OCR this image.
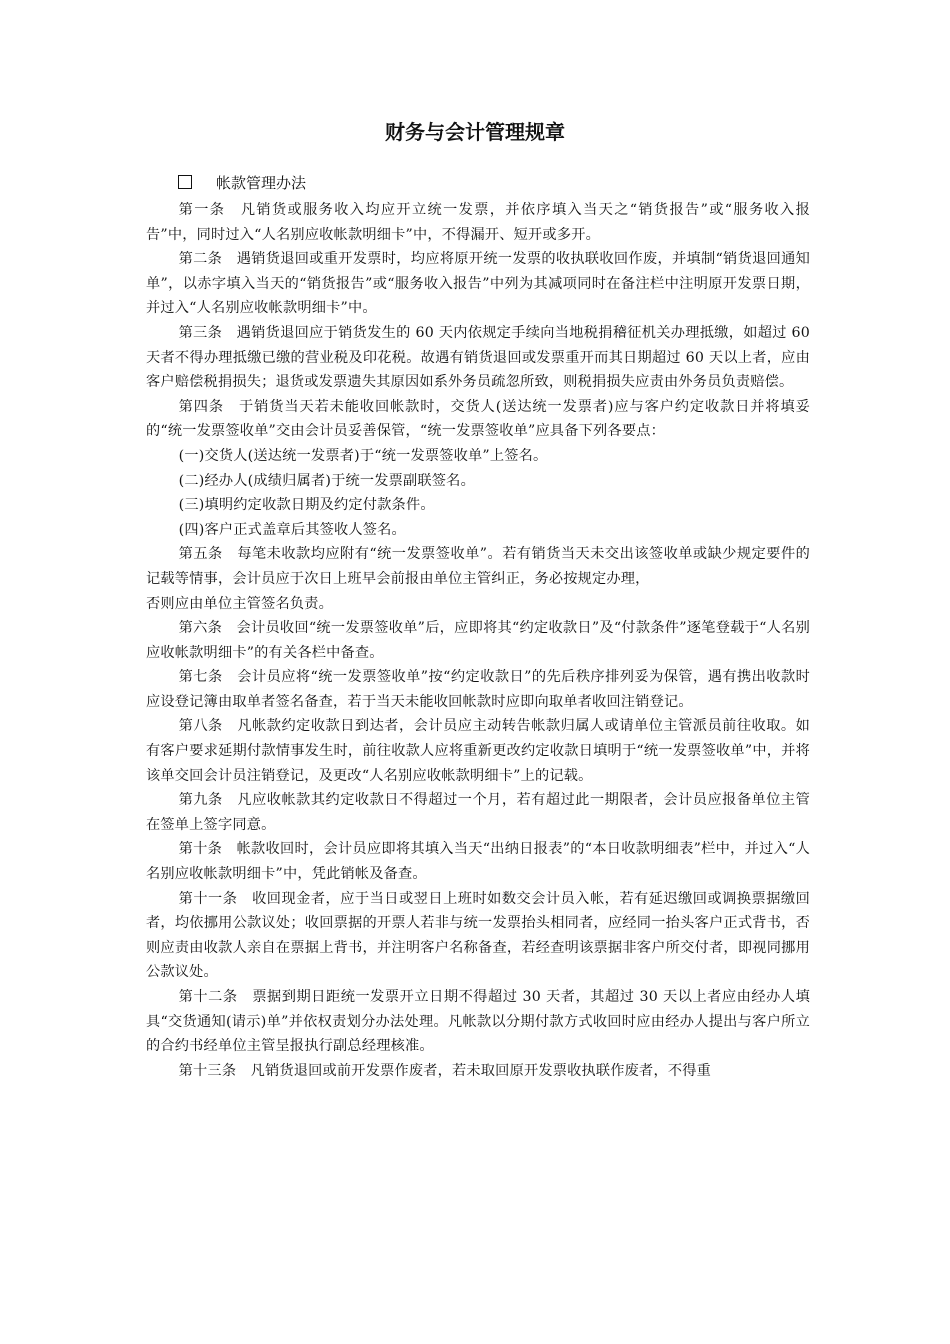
财务与会计管理规章
帐款管理办法

第一条　凡销货或服务收入均应开立统一发票，并依序填入当天之“销货报告”或“服务收入报告”中，同时过入“人名别应收帐款明细卡”中，不得漏开、短开或多开。

第二条　遇销货退回或重开发票时，均应将原开统一发票的收执联收回作废，并填制“销货退回通知单”，以赤字填入当天的“销货报告”或“服务收入报告”中列为其减项同时在备注栏中注明原开发票日期，并过入“人名别应收帐款明细卡”中。

第三条　遇销货退回应于销货发生的 60 天内依规定手续向当地税捐稽征机关办理抵缴，如超过 60 天者不得办理抵缴已缴的营业税及印花税。故遇有销货退回或发票重开而其日期超过 60 天以上者，应由客户赔偿税捐损失；退货或发票遗失其原因如系外务员疏忽所致，则税捐损失应责由外务员负责赔偿。

第四条　于销货当天若未能收回帐款时，交货人(送达统一发票者)应与客户约定收款日并将填妥的“统一发票签收单”交由会计员妥善保管，“统一发票签收单”应具备下列各要点：

(一)交货人(送达统一发票者)于“统一发票签收单”上签名。

(二)经办人(成绩归属者)于统一发票副联签名。

(三)填明约定收款日期及约定付款条件。

(四)客户正式盖章后其签收人签名。

第五条　每笔未收款均应附有“统一发票签收单”。若有销货当天未交出该签收单或缺少规定要件的记载等情事，会计员应于次日上班早会前报由单位主管纠正，务必按规定办理，

否则应由单位主管签名负责。

第六条　会计员收回“统一发票签收单”后，应即将其“约定收款日”及“付款条件”逐笔登载于“人名别应收帐款明细卡”的有关各栏中备查。

第七条　会计员应将“统一发票签收单”按“约定收款日”的先后秩序排列妥为保管，遇有携出收款时应设登记簿由取单者签名备查，若于当天未能收回帐款时应即向取单者收回注销登记。

第八条　凡帐款约定收款日到达者，会计员应主动转告帐款归属人或请单位主管派员前往收取。如有客户要求延期付款情事发生时，前往收款人应将重新更改约定收款日填明于“统一发票签收单”中，并将该单交回会计员注销登记，及更改“人名别应收帐款明细卡”上的记载。

第九条　凡应收帐款其约定收款日不得超过一个月，若有超过此一期限者，会计员应报备单位主管在签单上签字同意。

第十条　帐款收回时，会计员应即将其填入当天“出纳日报表”的“本日收款明细表”栏中，并过入“人名别应收帐款明细卡”中，凭此销帐及备查。

第十一条　收回现金者，应于当日或翌日上班时如数交会计员入帐，若有延迟缴回或调换票据缴回者，均依挪用公款议处；收回票据的开票人若非与统一发票抬头相同者，应经同一抬头客户正式背书，否则应责由收款人亲自在票据上背书，并注明客户名称备查，若经查明该票据非客户所交付者，即视同挪用公款议处。

第十二条　票据到期日距统一发票开立日期不得超过 30 天者，其超过 30 天以上者应由经办人填具“交货通知(请示)单”并依权责划分办法处理。凡帐款以分期付款方式收回时应由经办人提出与客户所立的合约书经单位主管呈报执行副总经理核准。

第十三条　凡销货退回或前开发票作废者，若未取回原开发票收执联作废者，不得重
